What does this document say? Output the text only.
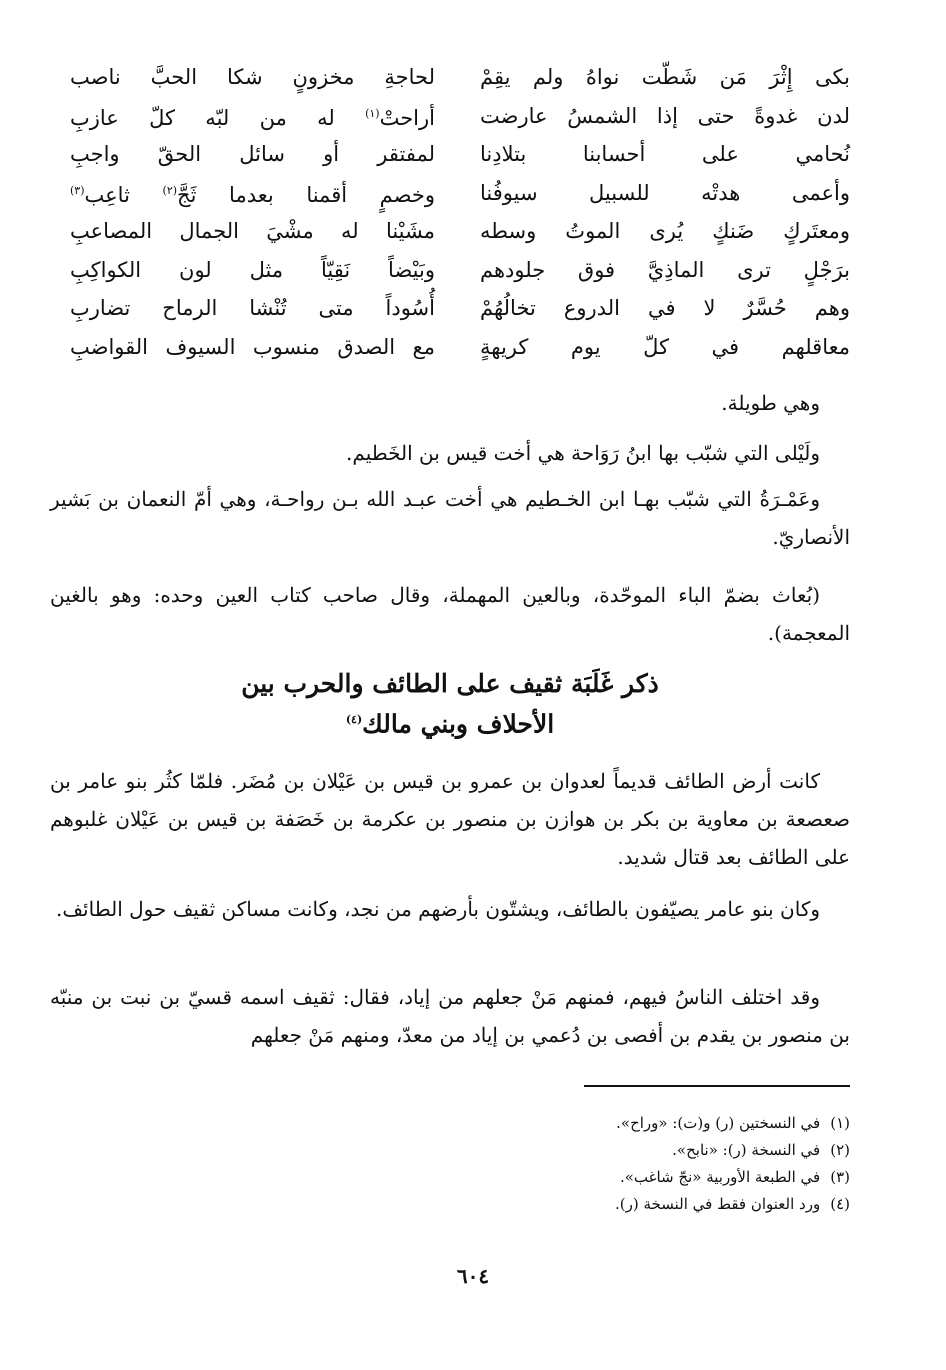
بكى إِثْرَ مَن شَطّت نواهُ ولم يقِمْ
لحاجةِ مخزونٍ شكا الحبَّ ناصب
لدن غدوةً حتى إذا الشمسُ عارضت
أراحتْ$^{(١)}$ له من لبّه كلّ عازبِ
نُحامي على أحسابنا بتلادِنا
لمفتقر أو سائل الحقّ واجبِ
وأعمى هدتْه للسبيل سيوفُنا
وخصمٍ أقمنا بعدما ثَجَّ$^{(٢)}$ ثاعِب$^{(٣)}$
ومعتَركٍ ضَنكٍ يُرى الموتُ وسطه
مشَيْنا له مشْيَ الجمال المصاعبِ
برَجْلٍ ترى الماذِيَّ فوق جلودهم
وبَيْضاً نَقِيّاً مثل لون الكواكِبِ
وهم حُسَّرٌ لا في الدروع تخالُهُمْ
أُسُوداً متى تُنْشا الرماح تضاربِ
معاقلهم في كلّ يوم كريهةٍ
مع الصدق منسوب السيوف القواضبِ

وهي طويلة.

ولَيْلى التي شبّب بها ابنُ رَوَاحة هي أخت قيس بن الخَطيم.

وعَمْـرَةُ التي شبّب بهـا ابن الخـطيم هي أخت عبـد الله بـن رواحـة، وهي أمّ النعمان بن بَشير الأنصاريّ.

(بُعاث بضمّ الباء الموحّدة، وبالعين المهملة، وقال صاحب كتاب العين وحده: وهو بالغين المعجمة).

ذكر غَلَبَة ثقيف على الطائف والحرب بين
الأحلاف وبني مالك$^{(٤)}$

كانت أرض الطائف قديماً لعدوان بن عمرو بن قيس بن عَيْلان بن مُضَر. فلمّا كثُر بنو عامر بن صعصعة بن معاوية بن بكر بن هوازن بن منصور بن عكرمة بن خَصَفة بن قيس بن عَيْلان غلبوهم على الطائف بعد قتال شديد.

وكان بنو عامر يصيّفون بالطائف، ويشتّون بأرضهم من نجد، وكانت مساكن ثقيف حول الطائف.

وقد اختلف الناسُ فيهم، فمنهم مَنْ جعلهم من إياد، فقال: ثقيف اسمه قسيّ بن نبت بن منبّه بن منصور بن يقدم بن أفصى بن دُعمي بن إياد من معدّ، ومنهم مَنْ جعلهم

(١)
في النسختين (ر) و(ت): «وراح».
(٢)
في النسخة (ر): «نابح».
(٣)
في الطبعة الأوربية «نجّ شاغب».
(٤)
ورد العنوان فقط في النسخة (ر).
٦٠٤
